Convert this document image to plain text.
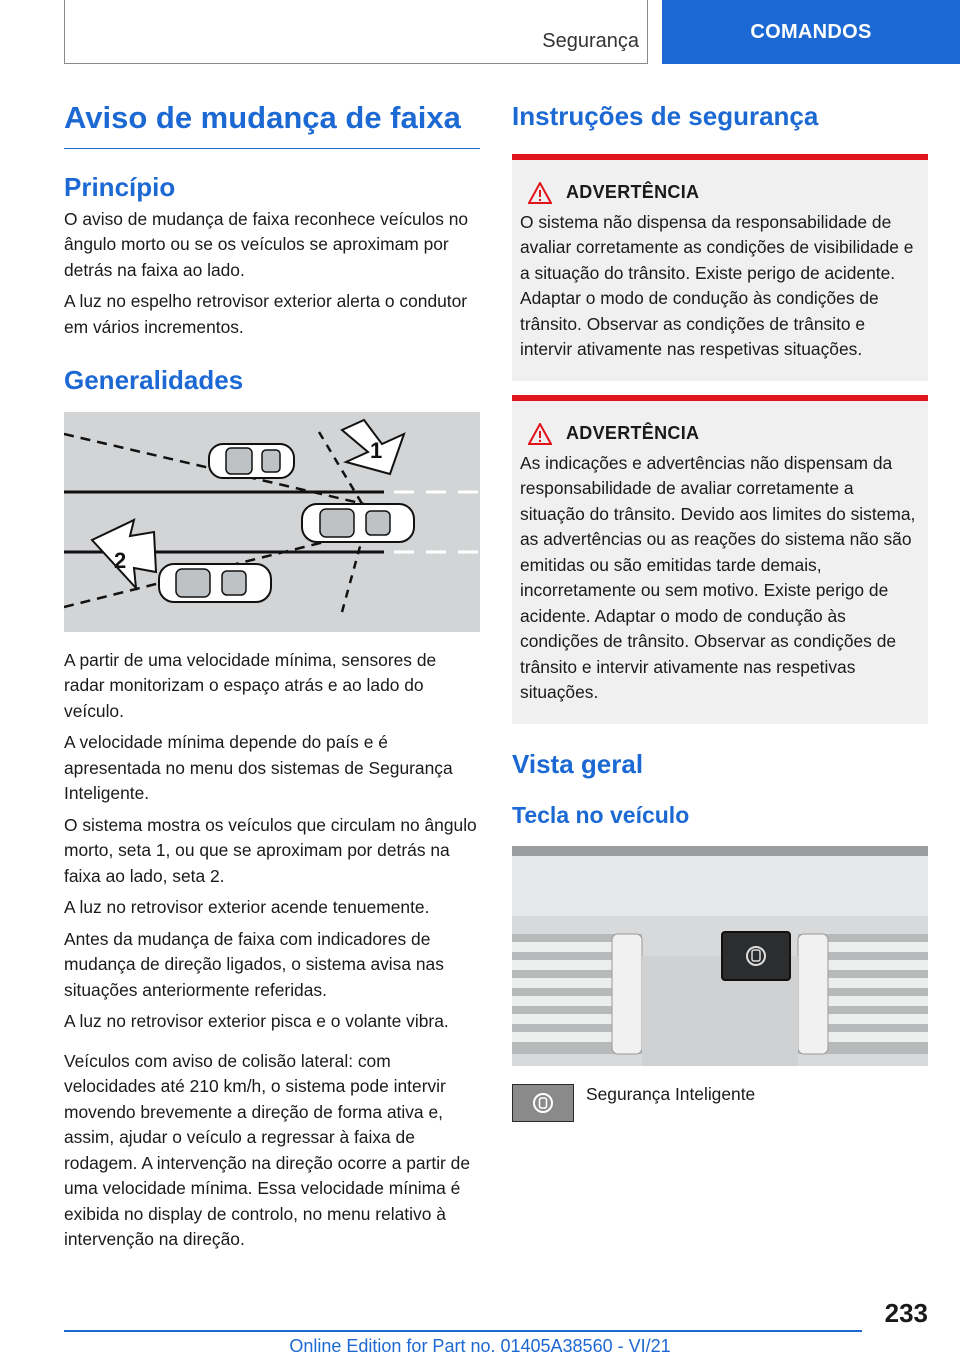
Segurança	COMANDOS
Aviso de mudança de faixa
Princípio

O aviso de mudança de faixa reconhece veículos no ângulo morto ou se os veículos se aproximam por detrás na faixa ao lado.

A luz no espelho retrovisor exterior alerta o condutor em vários incrementos.

Generalidades
1
2

A partir de uma velocidade mínima, sensores de radar monitorizam o espaço atrás e ao lado do veículo.

A velocidade mínima depende do país e é apresentada no menu dos sistemas de Segurança Inteligente.

O sistema mostra os veículos que circulam no ângulo morto, seta 1, ou que se aproximam por detrás na faixa ao lado, seta 2.

A luz no retrovisor exterior acende tenuemente.

Antes da mudança de faixa com indicadores de mudança de direção ligados, o sistema avisa nas situações anteriormente referidas.

A luz no retrovisor exterior pisca e o volante vibra.

Veículos com aviso de colisão lateral: com velocidades até 210 km/h, o sistema pode intervir movendo brevemente a direção de forma ativa e, assim, ajudar o veículo a regressar à faixa de rodagem. A intervenção na direção ocorre a partir de uma velocidade mínima. Essa velocidade mínima é exibida no display de controlo, no menu relativo à intervenção na direção.

Instruções de segurança
ADVERTÊNCIA

O sistema não dispensa da responsabilidade de avaliar corretamente as condições de visibilidade e a situação do trânsito. Existe perigo de acidente. Adaptar o modo de condução às condições de trânsito. Observar as condições de trânsito e intervir ativamente nas respetivas situações.

ADVERTÊNCIA

As indicações e advertências não dispensam da responsabilidade de avaliar corretamente a situação do trânsito. Devido aos limites do sistema, as advertências ou as reações do sistema não são emitidas ou são emitidas tarde demais, incorretamente ou sem motivo. Existe perigo de acidente. Adaptar o modo de condução às condições de trânsito. Observar as condições de trânsito e intervir ativamente nas respetivas situações.

Vista geral
Tecla no veículo

Segurança Inteligente

233
Online Edition for Part no. 01405A38560 - VI/21
